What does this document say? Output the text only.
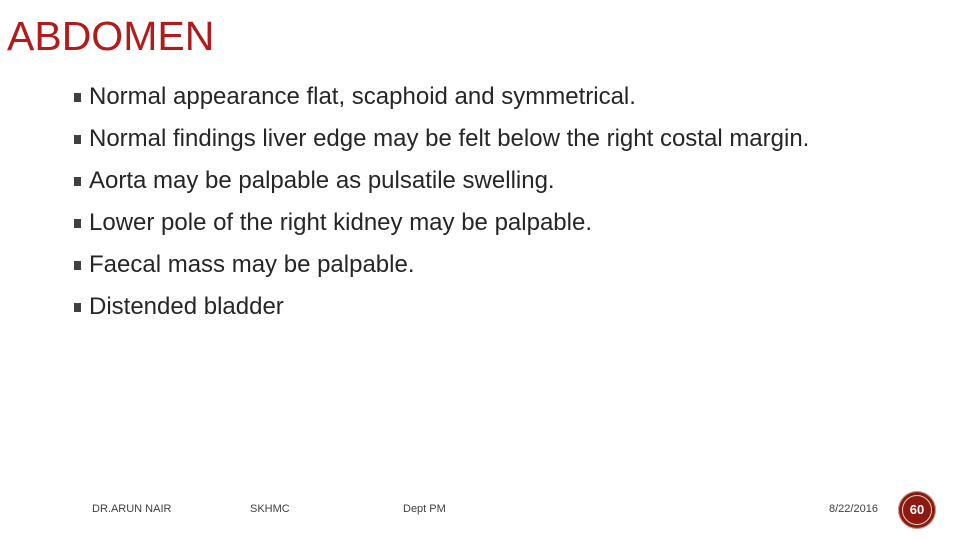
ABDOMEN
Normal appearance flat, scaphoid and symmetrical.
Normal findings liver edge may be felt below the right costal margin.
Aorta may be palpable as pulsatile swelling.
Lower pole of the right kidney may be palpable.
Faecal mass may be palpable.
Distended bladder
DR.ARUN NAIR	SKHMC	Dept PM	8/22/2016	60
